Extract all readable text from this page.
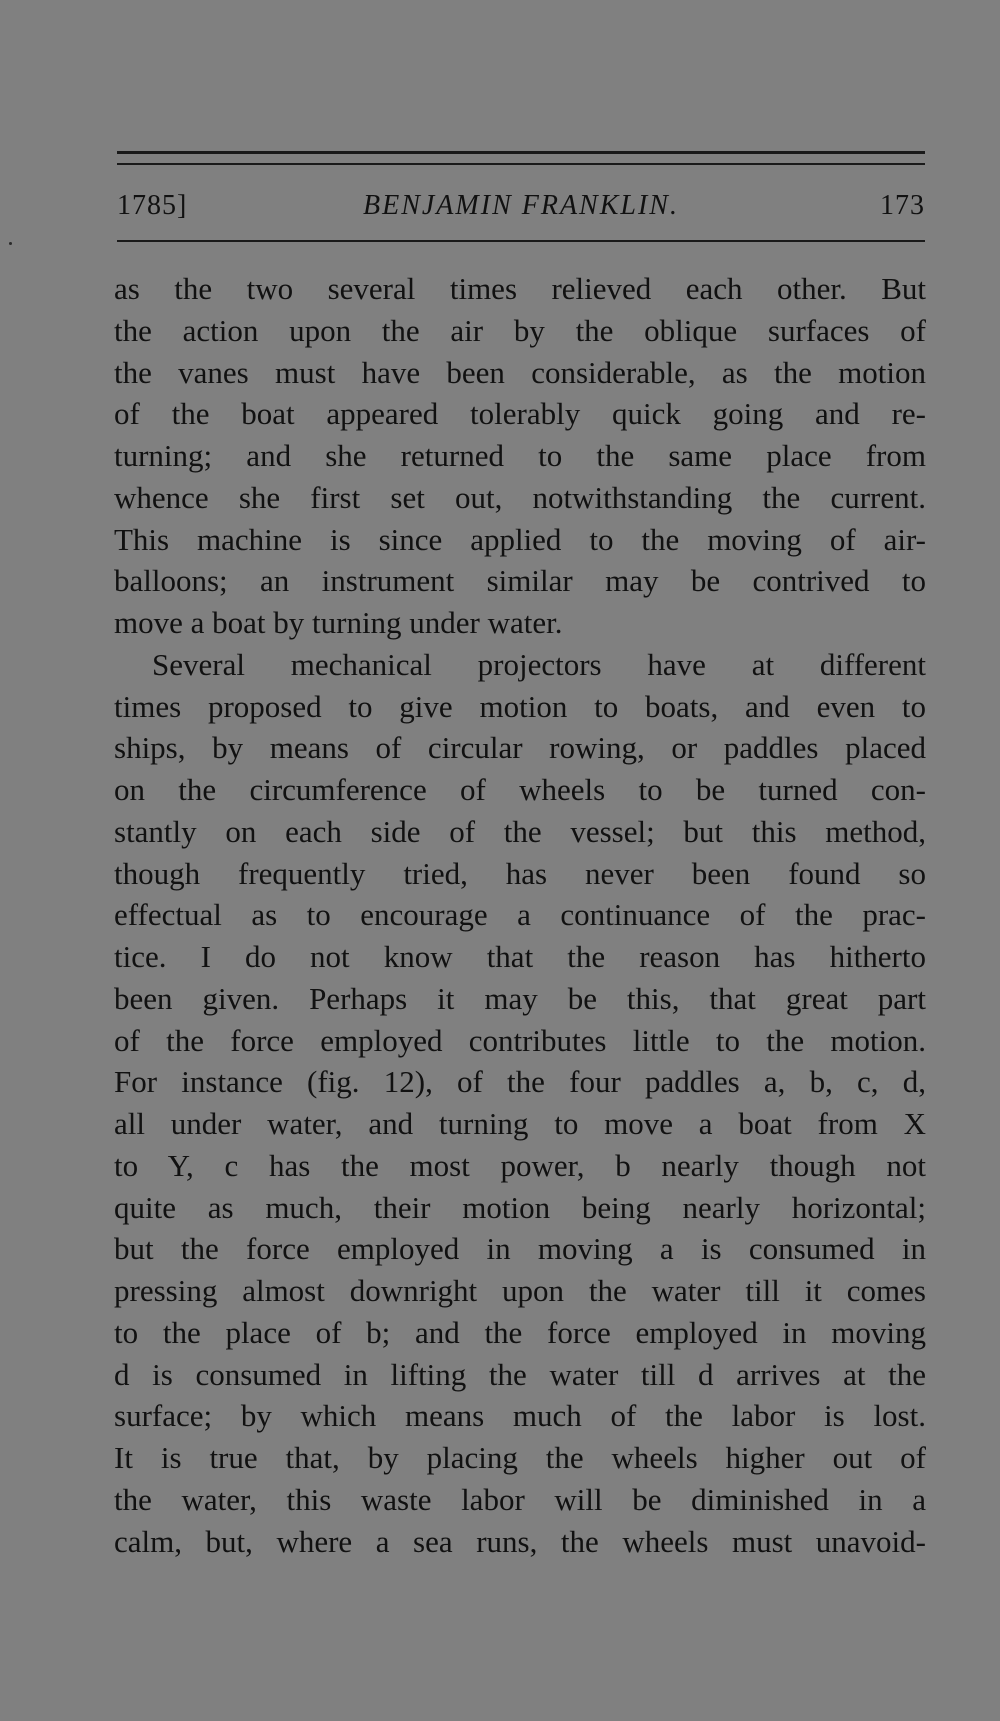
1785]	BENJAMIN FRANKLIN.	173
as the two several times relieved each other. But
the action upon the air by the oblique surfaces of
the vanes must have been considerable, as the motion
of the boat appeared tolerably quick going and re-
turning; and she returned to the same place from
whence she first set out, notwithstanding the current.
This machine is since applied to the moving of air-
balloons; an instrument similar may be contrived to
move a boat by turning under water.
Several mechanical projectors have at different
times proposed to give motion to boats, and even to
ships, by means of circular rowing, or paddles placed
on the circumference of wheels to be turned con-
stantly on each side of the vessel; but this method,
though frequently tried, has never been found so
effectual as to encourage a continuance of the prac-
tice. I do not know that the reason has hitherto
been given. Perhaps it may be this, that great part
of the force employed contributes little to the motion.
For instance (fig. 12), of the four paddles a, b, c, d,
all under water, and turning to move a boat from X
to Y, c has the most power, b nearly though not
quite as much, their motion being nearly horizontal;
but the force employed in moving a is consumed in
pressing almost downright upon the water till it comes
to the place of b; and the force employed in moving
d is consumed in lifting the water till d arrives at the
surface; by which means much of the labor is lost.
It is true that, by placing the wheels higher out of
the water, this waste labor will be diminished in a
calm, but, where a sea runs, the wheels must unavoid-
